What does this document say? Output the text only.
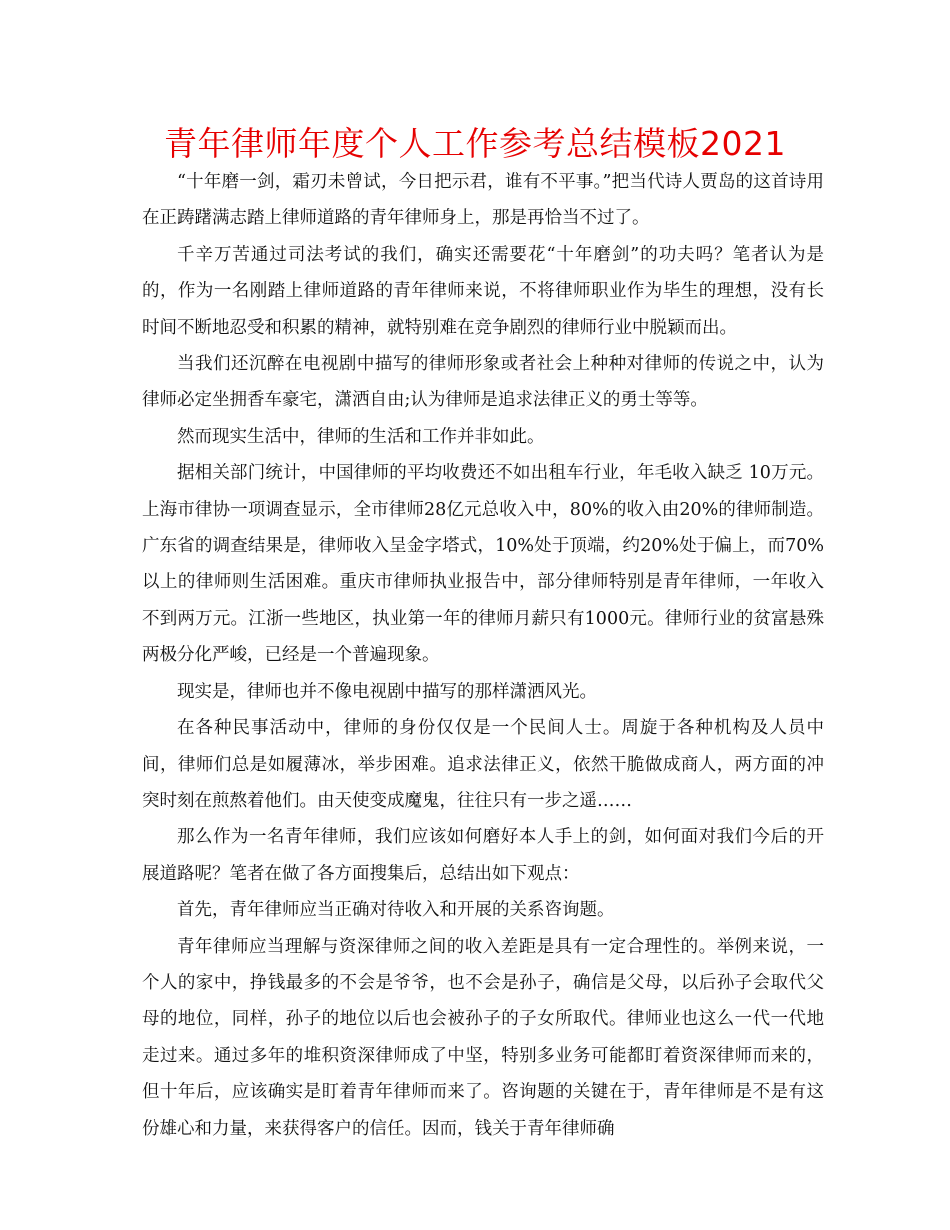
青年律师年度个人工作参考总结模板2021

“十年磨一剑，霜刃未曾试，今日把示君，谁有不平事。”把当代诗人贾岛的这首诗用在正踌躇满志踏上律师道路的青年律师身上，那是再恰当不过了。

千辛万苦通过司法考试的我们，确实还需要花“十年磨剑”的功夫吗？笔者认为是的，作为一名刚踏上律师道路的青年律师来说，不将律师职业作为毕生的理想，没有长时间不断地忍受和积累的精神，就特别难在竞争剧烈的律师行业中脱颖而出。

当我们还沉醉在电视剧中描写的律师形象或者社会上种种对律师的传说之中，认为律师必定坐拥香车豪宅，潇洒自由;认为律师是追求法律正义的勇士等等。

然而现实生活中，律师的生活和工作并非如此。

据相关部门统计，中国律师的平均收费还不如出租车行业，年毛收入缺乏 10万元。上海市律协一项调查显示，全市律师28亿元总收入中，80%的收入由20%的律师制造。广东省的调查结果是，律师收入呈金字塔式，10%处于顶端，约20%处于偏上，而70%以上的律师则生活困难。重庆市律师执业报告中，部分律师特别是青年律师，一年收入不到两万元。江浙一些地区，执业第一年的律师月薪只有1000元。律师行业的贫富悬殊两极分化严峻，已经是一个普遍现象。

现实是，律师也并不像电视剧中描写的那样潇洒风光。

在各种民事活动中，律师的身份仅仅是一个民间人士。周旋于各种机构及人员中间，律师们总是如履薄冰，举步困难。追求法律正义，依然干脆做成商人，两方面的冲突时刻在煎熬着他们。由天使变成魔鬼，往往只有一步之遥……

那么作为一名青年律师，我们应该如何磨好本人手上的剑，如何面对我们今后的开展道路呢？笔者在做了各方面搜集后，总结出如下观点：

首先，青年律师应当正确对待收入和开展的关系咨询题。

青年律师应当理解与资深律师之间的收入差距是具有一定合理性的。举例来说，一个人的家中，挣钱最多的不会是爷爷，也不会是孙子，确信是父母，以后孙子会取代父母的地位，同样，孙子的地位以后也会被孙子的子女所取代。律师业也这么一代一代地走过来。通过多年的堆积资深律师成了中坚，特别多业务可能都盯着资深律师而来的，但十年后，应该确实是盯着青年律师而来了。咨询题的关键在于，青年律师是不是有这份雄心和力量，来获得客户的信任。因而，钱关于青年律师确
